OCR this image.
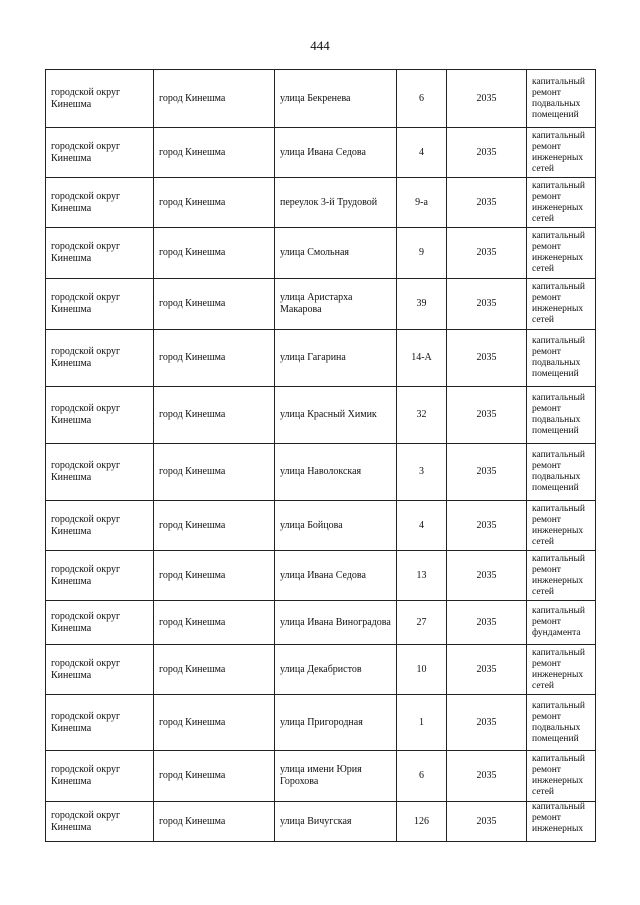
444
городской округ Кинешма	город Кинешма	улица Бекренева	6	2035	капитальный ремонт подвальных помещений
городской округ Кинешма	город Кинешма	улица Ивана Седова	4	2035	капитальный ремонт инженерных сетей
городской округ Кинешма	город Кинешма	переулок 3-й Трудовой	9-а	2035	капитальный ремонт инженерных сетей
городской округ Кинешма	город Кинешма	улица Смольная	9	2035	капитальный ремонт инженерных сетей
городской округ Кинешма	город Кинешма	улица Аристарха Макарова	39	2035	капитальный ремонт инженерных сетей
городской округ Кинешма	город Кинешма	улица Гагарина	14-А	2035	капитальный ремонт подвальных помещений
городской округ Кинешма	город Кинешма	улица Красный Химик	32	2035	капитальный ремонт подвальных помещений
городской округ Кинешма	город Кинешма	улица Наволокская	3	2035	капитальный ремонт подвальных помещений
городской округ Кинешма	город Кинешма	улица Бойцова	4	2035	капитальный ремонт инженерных сетей
городской округ Кинешма	город Кинешма	улица Ивана Седова	13	2035	капитальный ремонт инженерных сетей
городской округ Кинешма	город Кинешма	улица Ивана Виноградова	27	2035	капитальный ремонт фундамента
городской округ Кинешма	город Кинешма	улица Декабристов	10	2035	капитальный ремонт инженерных сетей
городской округ Кинешма	город Кинешма	улица Пригородная	1	2035	капитальный ремонт подвальных помещений
городской округ Кинешма	город Кинешма	улица имени Юрия Горохова	6	2035	капитальный ремонт инженерных сетей
городской округ Кинешма	город Кинешма	улица Вичугская	126	2035	капитальный ремонт инженерных
